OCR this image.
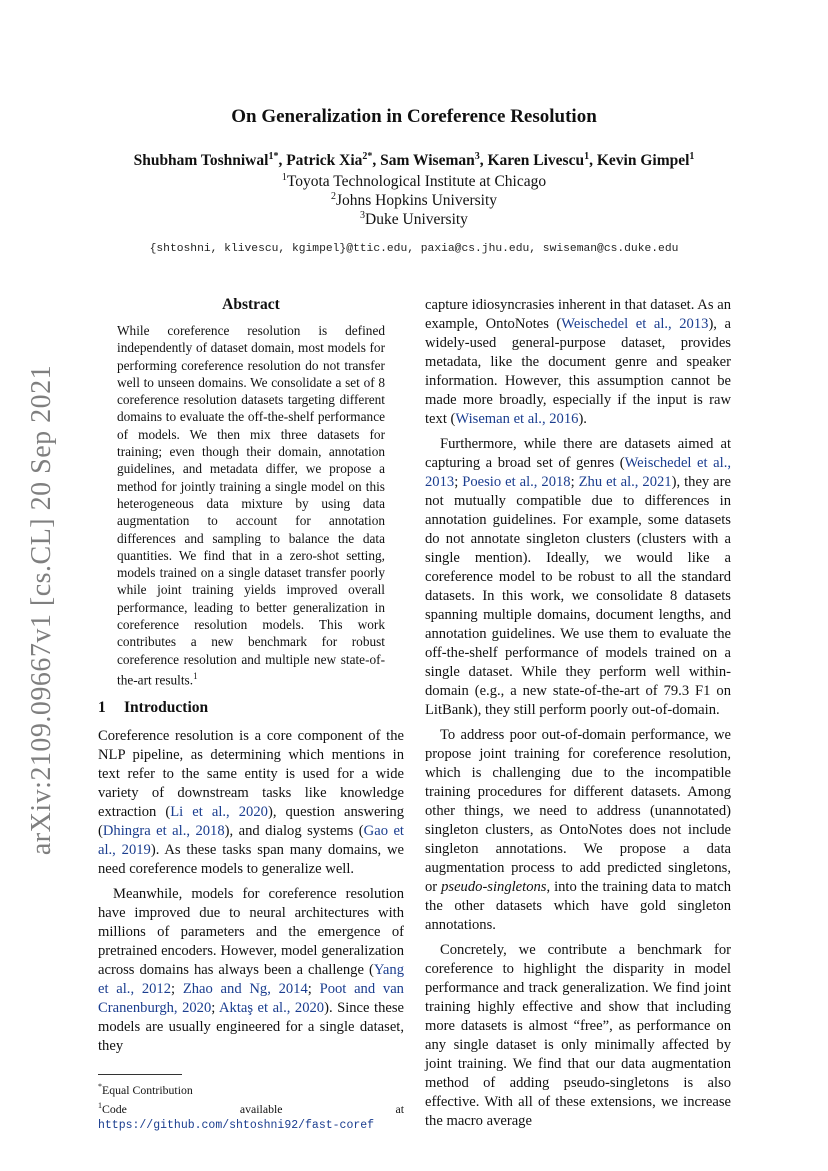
arXiv:2109.09667v1 [cs.CL] 20 Sep 2021
On Generalization in Coreference Resolution
Shubham Toshniwal$^{1*}$, Patrick Xia$^{2*}$, Sam Wiseman$^3$, Karen Livescu$^1$, Kevin Gimpel$^1$
$^1$Toyota Technological Institute at Chicago
$^2$Johns Hopkins University
$^3$Duke University
{shtoshni, klivescu, kgimpel}@ttic.edu, paxia@cs.jhu.edu, swiseman@cs.duke.edu
Abstract
While coreference resolution is defined independently of dataset domain, most models for performing coreference resolution do not transfer well to unseen domains. We consolidate a set of 8 coreference resolution datasets targeting different domains to evaluate the off-the-shelf performance of models. We then mix three datasets for training; even though their domain, annotation guidelines, and metadata differ, we propose a method for jointly training a single model on this heterogeneous data mixture by using data augmentation to account for annotation differences and sampling to balance the data quantities. We find that in a zero-shot setting, models trained on a single dataset transfer poorly while joint training yields improved overall performance, leading to better generalization in coreference resolution models. This work contributes a new benchmark for robust coreference resolution and multiple new state-of-the-art results.$^1$
1 Introduction

Coreference resolution is a core component of the NLP pipeline, as determining which mentions in text refer to the same entity is used for a wide variety of downstream tasks like knowledge extraction (Li et al., 2020), question answering (Dhingra et al., 2018), and dialog systems (Gao et al., 2019). As these tasks span many domains, we need coreference models to generalize well.

Meanwhile, models for coreference resolution have improved due to neural architectures with millions of parameters and the emergence of pretrained encoders. However, model generalization across domains has always been a challenge (Yang et al., 2012; Zhao and Ng, 2014; Poot and van Cranenburgh, 2020; Aktaş et al., 2020). Since these models are usually engineered for a single dataset, they

*Equal Contribution
$^1$Code available at https://github.com/shtoshni92/fast-coref

capture idiosyncrasies inherent in that dataset. As an example, OntoNotes (Weischedel et al., 2013), a widely-used general-purpose dataset, provides metadata, like the document genre and speaker information. However, this assumption cannot be made more broadly, especially if the input is raw text (Wiseman et al., 2016).

Furthermore, while there are datasets aimed at capturing a broad set of genres (Weischedel et al., 2013; Poesio et al., 2018; Zhu et al., 2021), they are not mutually compatible due to differences in annotation guidelines. For example, some datasets do not annotate singleton clusters (clusters with a single mention). Ideally, we would like a coreference model to be robust to all the standard datasets. In this work, we consolidate 8 datasets spanning multiple domains, document lengths, and annotation guidelines. We use them to evaluate the off-the-shelf performance of models trained on a single dataset. While they perform well within-domain (e.g., a new state-of-the-art of 79.3 F1 on LitBank), they still perform poorly out-of-domain.

To address poor out-of-domain performance, we propose joint training for coreference resolution, which is challenging due to the incompatible training procedures for different datasets. Among other things, we need to address (unannotated) singleton clusters, as OntoNotes does not include singleton annotations. We propose a data augmentation process to add predicted singletons, or pseudo-singletons, into the training data to match the other datasets which have gold singleton annotations.

Concretely, we contribute a benchmark for coreference to highlight the disparity in model performance and track generalization. We find joint training highly effective and show that including more datasets is almost “free”, as performance on any single dataset is only minimally affected by joint training. We find that our data augmentation method of adding pseudo-singletons is also effective. With all of these extensions, we increase the macro average
